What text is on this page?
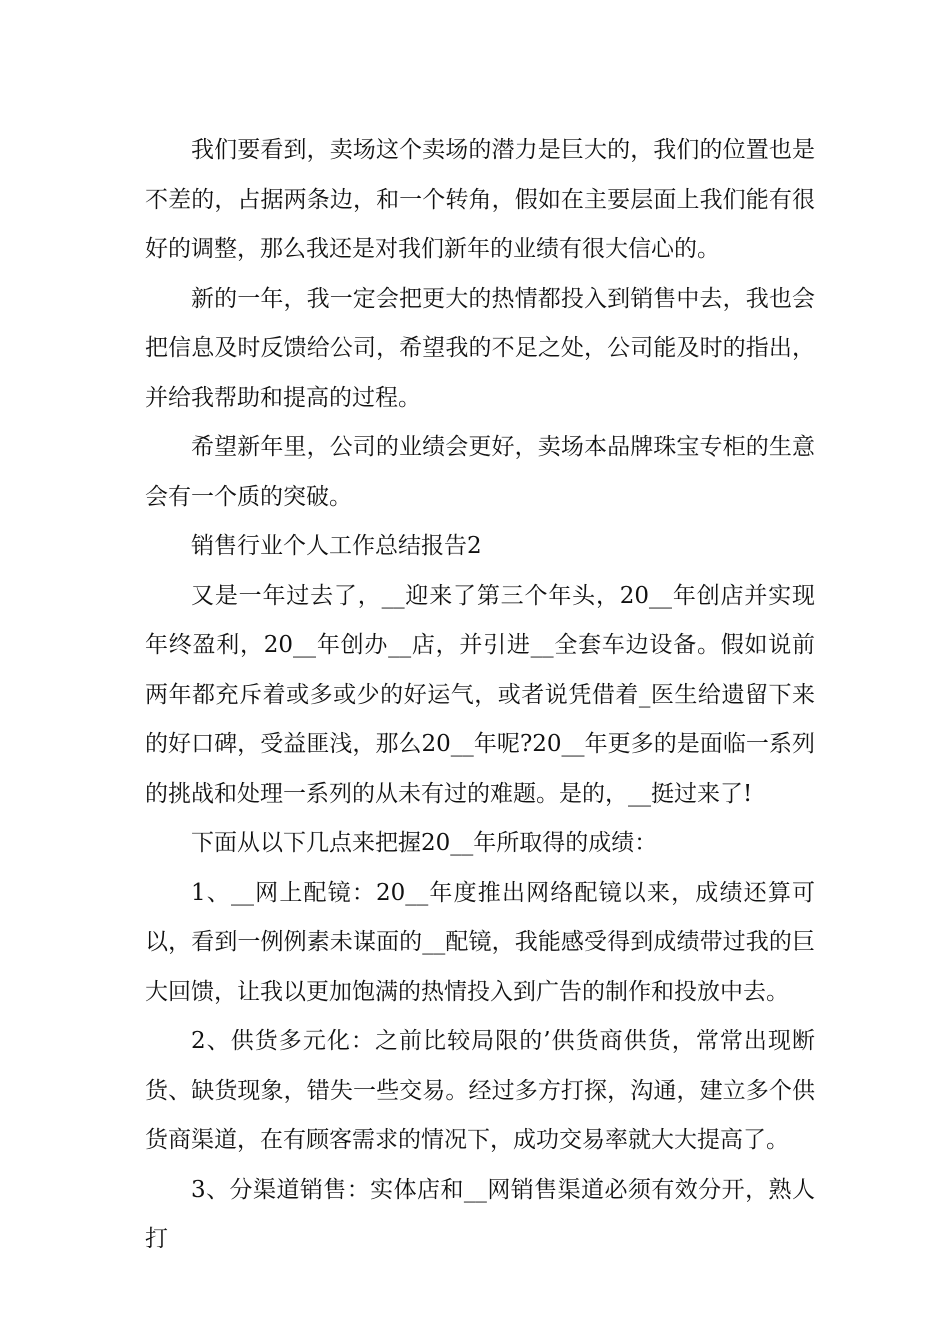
我们要看到，卖场这个卖场的潜力是巨大的，我们的位置也是不差的，占据两条边，和一个转角，假如在主要层面上我们能有很好的调整，那么我还是对我们新年的业绩有很大信心的。

新的一年，我一定会把更大的热情都投入到销售中去，我也会把信息及时反馈给公司，希望我的不足之处，公司能及时的指出，并给我帮助和提高的过程。

希望新年里，公司的业绩会更好，卖场本品牌珠宝专柜的生意会有一个质的突破。

销售行业个人工作总结报告2

又是一年过去了，__迎来了第三个年头，20__年创店并实现年终盈利，20__年创办__店，并引进__全套车边设备。假如说前两年都充斥着或多或少的好运气，或者说凭借着_医生给遗留下来的好口碑，受益匪浅，那么20__年呢?20__年更多的是面临一系列的挑战和处理一系列的从未有过的难题。是的，__挺过来了!

下面从以下几点来把握20__年所取得的成绩：

1、__网上配镜：20__年度推出网络配镜以来，成绩还算可以，看到一例例素未谋面的__配镜，我能感受得到成绩带过我的巨大回馈，让我以更加饱满的热情投入到广告的制作和投放中去。

2、供货多元化：之前比较局限的’供货商供货，常常出现断货、缺货现象，错失一些交易。经过多方打探，沟通，建立多个供货商渠道，在有顾客需求的情况下，成功交易率就大大提高了。

3、分渠道销售：实体店和__网销售渠道必须有效分开，熟人打
